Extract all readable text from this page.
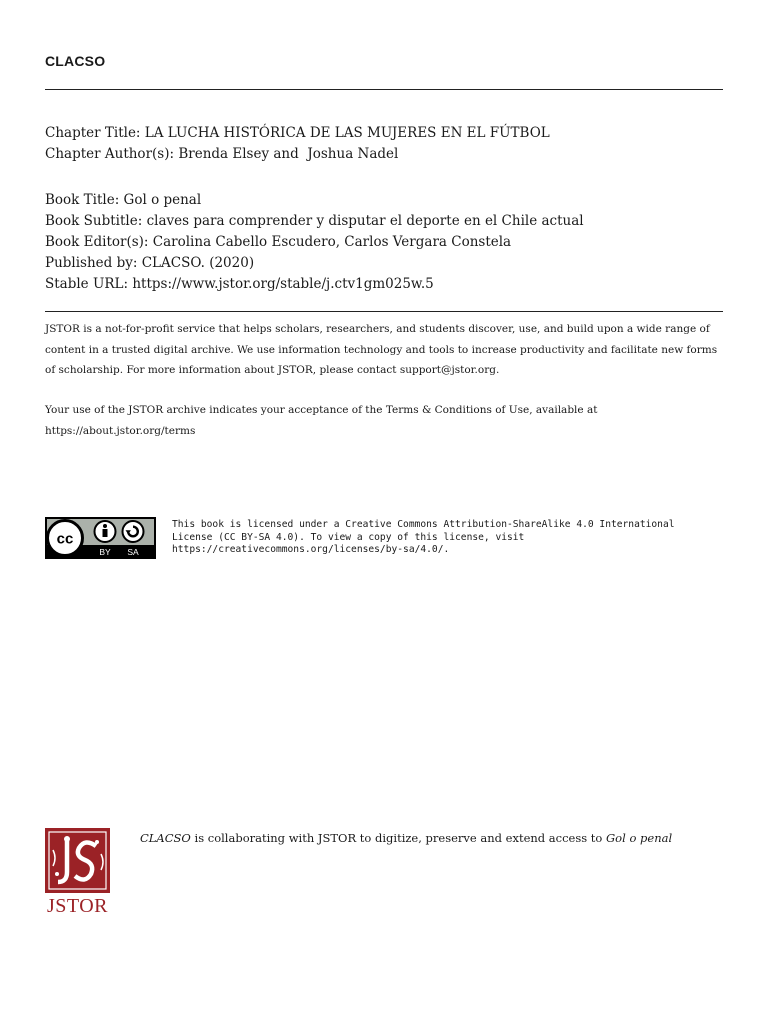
CLACSO
Chapter Title: LA LUCHA HISTÓRICA DE LAS MUJERES EN EL FÚTBOL
Chapter Author(s): Brenda Elsey and  Joshua Nadel
Book Title: Gol o penal
Book Subtitle: claves para comprender y disputar el deporte en el Chile actual
Book Editor(s): Carolina Cabello Escudero, Carlos Vergara Constela
Published by: CLACSO. (2020)
Stable URL: https://www.jstor.org/stable/j.ctv1gm025w.5

JSTOR is a not-for-profit service that helps scholars, researchers, and students discover, use, and build upon a wide range of content in a trusted digital archive. We use information technology and tools to increase productivity and facilitate new forms of scholarship. For more information about JSTOR, please contact support@jstor.org.

Your use of the JSTOR archive indicates your acceptance of the Terms & Conditions of Use, available at https://about.jstor.org/terms

cc
BY SA
This book is licensed under a Creative Commons Attribution-ShareAlike 4.0 International
License (CC BY-SA 4.0). To view a copy of this license, visit
https://creativecommons.org/licenses/by-sa/4.0/.
JSTOR
CLACSO is collaborating with JSTOR to digitize, preserve and extend access to Gol o penal
